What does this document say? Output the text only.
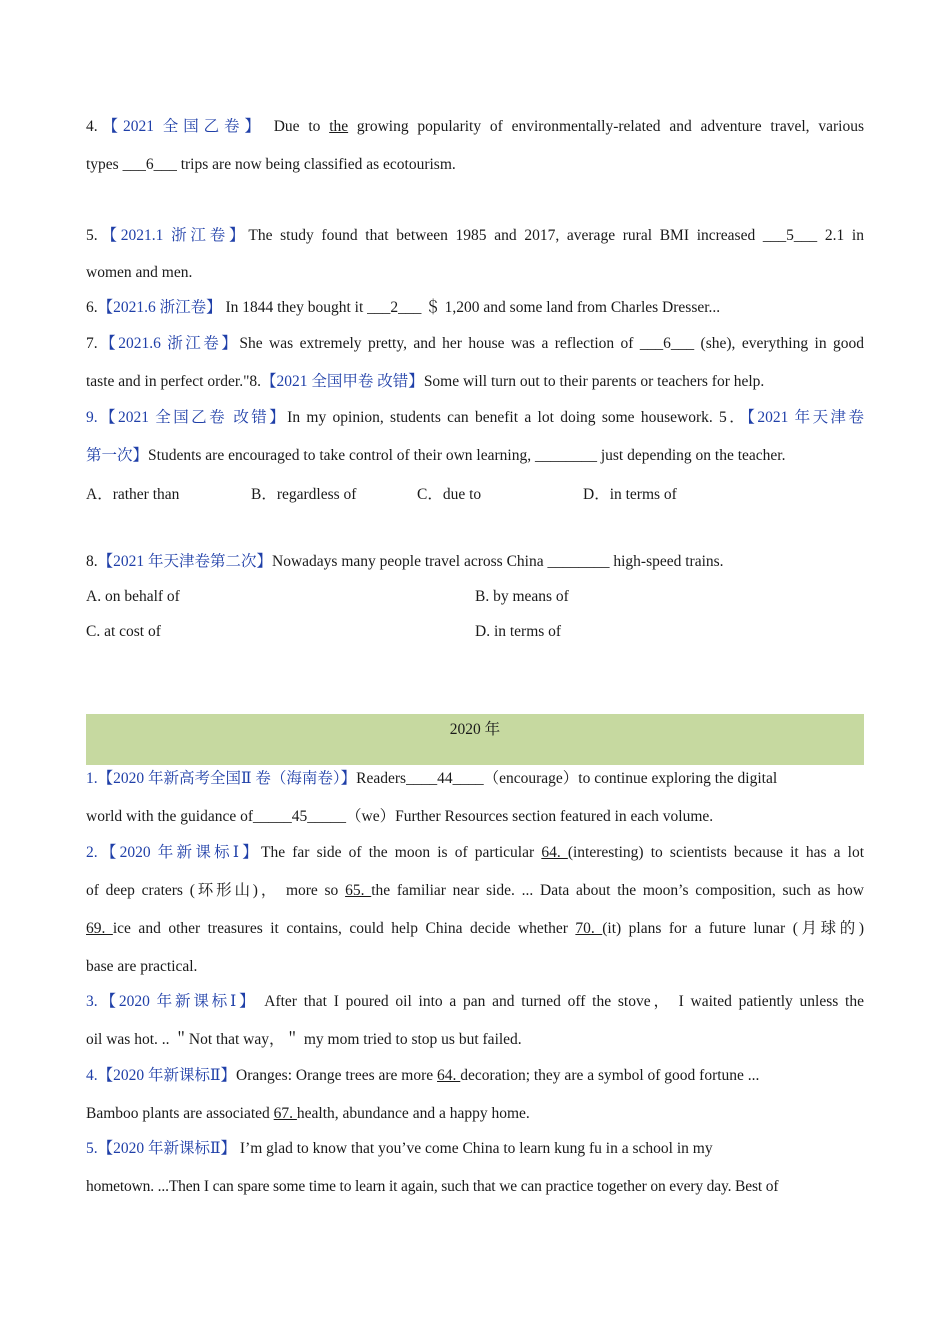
4.【2021 全国乙卷】 Due to the growing popularity of environmentally-related and adventure travel, various
types ___6___ trips are now being classified as ecotourism.
5.【2021.1 浙江卷】The study found that between 1985 and 2017, average rural BMI increased ___5___ 2.1 in
women and men.
6.【2021.6 浙江卷】 In 1844 they bought it ___2___ ＄ 1,200 and some land from Charles Dresser...
7.【2021.6 浙江卷】She was extremely pretty, and her house was a reflection of ___6___ (she), everything in good
taste and in perfect order."8.【2021 全国甲卷 改错】Some will turn out to their parents or teachers for help.
9.【2021 全国乙卷 改错】In my opinion, students can benefit a lot doing some housework. 5．【2021 年天津卷
第一次】Students are encouraged to take control of their own learning, ________ just depending on the teacher.
A．rather than	B．regardless of	C．due to	D．in terms of
8.【2021 年天津卷第二次】Nowadays many people travel across China ________ high-speed trains.
A. on behalf of	B. by means of
C. at cost of	D. in terms of
2020 年
1.【2020 年新高考全国Ⅱ 卷（海南卷）】Readers____44____（encourage）to continue exploring the digital
world with the guidance of_____45_____（we）Further Resources section featured in each volume.
2.【2020 年新课标Ⅰ】The far side of the moon is of particular 64. (interesting) to scientists because it has a lot
of deep craters (环形山)， more so 65. the familiar near side. ... Data about the moon’s composition, such as how
69. ice and other treasures it contains, could help China decide whether 70. (it) plans for a future lunar (月球的)
base are practical.
3.【2020 年新课标Ⅰ】 After that I poured oil into a pan and turned off the stove， I waited patiently unless the
oil was hot. .. ＂Not that way，＂ my mom tried to stop us but failed.
4.【2020 年新课标Ⅱ】Oranges: Orange trees are more 64. decoration; they are a symbol of good fortune ...
Bamboo plants are associated 67. health, abundance and a happy home.
5.【2020 年新课标Ⅱ】 I’m glad to know that you’ve come China to learn kung fu in a school in my
hometown. ...Then I can spare some time to learn it again, such that we can practice together on every day. Best of
